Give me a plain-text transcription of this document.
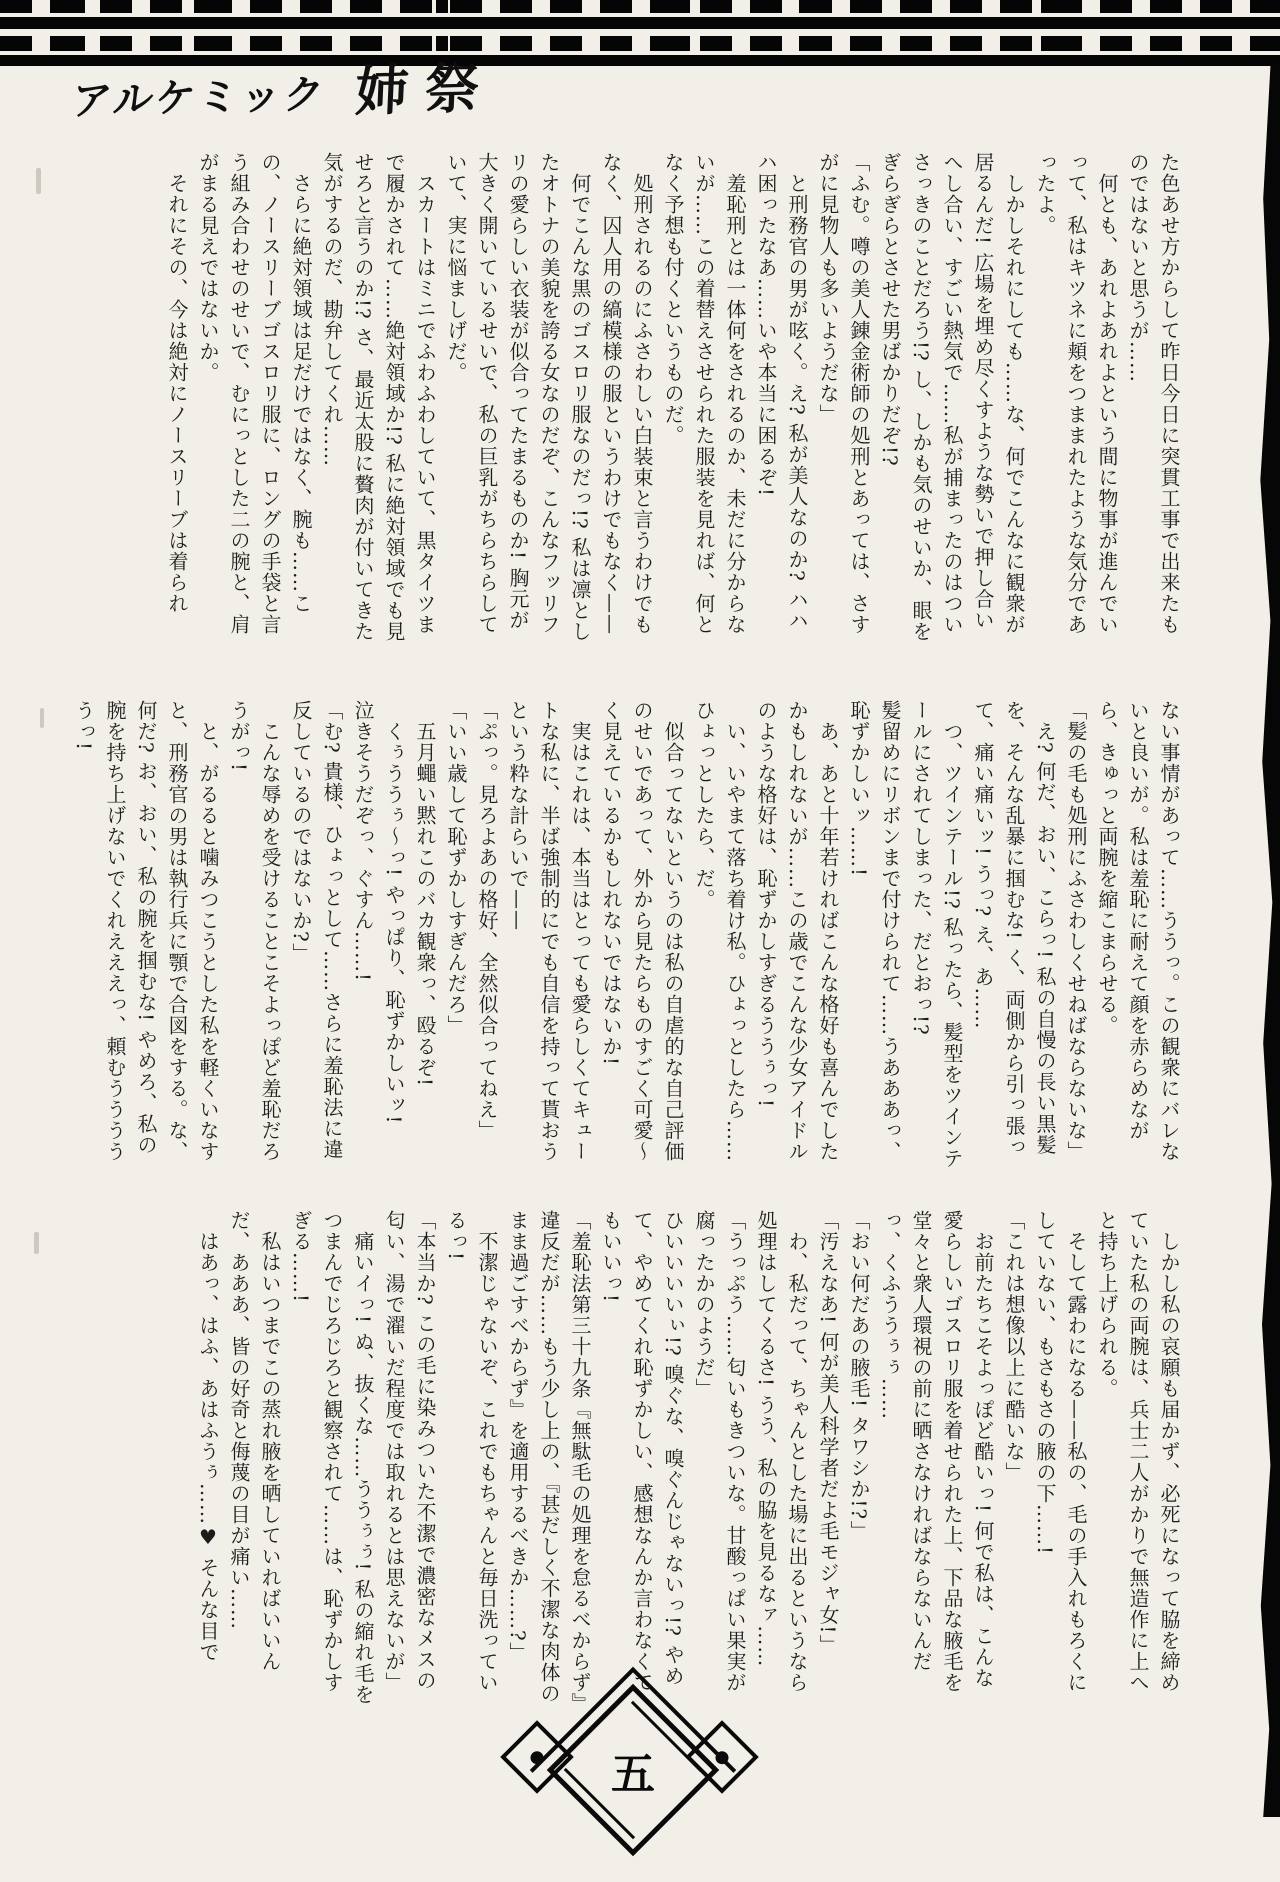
アルケミック 姉祭

た色あせ方からして昨日今日に突貫工事で出来たものではないと思うが……

何とも、あれよあれよという間に物事が進んでいって、私はキツネに頬をつままれたような気分であったよ。

しかしそれにしても……な、何でこんなに観衆が居るんだ! 広場を埋め尽くすような勢いで押し合いへし合い、すごい熱気で……私が捕まったのはついさっきのことだろう!? し、しかも気のせいか、眼をぎらぎらとさせた男ばかりだぞ!?

「ふむ。噂の美人錬金術師の処刑とあっては、さすがに見物人も多いようだな」

と刑務官の男が呟く。え? 私が美人なのか? ハハハ困ったなあ……いや本当に困るぞ!

羞恥刑とは一体何をされるのか、未だに分からないが……この着替えさせられた服装を見れば、何となく予想も付くというものだ。

処刑されるのにふさわしい白装束と言うわけでもなく、囚人用の縞模様の服というわけでもなく——

何でこんな黒のゴスロリ服なのだっ!? 私は凛としたオトナの美貌を誇る女なのだぞ、こんなフッリフリの愛らしい衣装が似合ってたまるものか! 胸元が大きく開いているせいで、私の巨乳がちらちらしていて、実に悩ましげだ。

スカートはミニでふわふわしていて、黒タイツまで履かされて……絶対領域か!? 私に絶対領域でも見せろと言うのか!? さ、最近太股に贅肉が付いてきた気がするのだ、勘弁してくれ……

さらに絶対領域は足だけではなく、腕も……この、ノースリーブゴスロリ服に、ロングの手袋と言う組み合わせのせいで、むにっとした二の腕と、肩がまる見えではないか。

それにその、今は絶対にノースリーブは着られ

ない事情があって……ううっ。この観衆にバレないと良いが。私は羞恥に耐えて顔を赤らめながら、きゅっと両腕を縮こまらせる。

「髪の毛も処刑にふさわしくせねばならないな」

え? 何だ、おい、こらっ! 私の自慢の長い黒髪を、そんな乱暴に掴むな! く、両側から引っ張って、痛い痛いッ! うっ? え、あ……

つ、ツインテール!? 私ったら、髪型をツインテールにされてしまった、だとおっ!?

髪留めにリボンまで付けられて……うあああっ、恥ずかしいッ……!

あ、あと十年若ければこんな格好も喜んでしたかもしれないが……この歳でこんな少女アイドルのような格好は、恥ずかしすぎるううぅっ!

い、いやまて落ち着け私。ひょっとしたら……ひょっとしたら、だ。

似合ってないというのは私の自虐的な自己評価のせいであって、外から見たらものすごく可愛〜く見えているかもしれないではないか!

実はこれは、本当はとっても愛らしくてキュートな私に、半ば強制的にでも自信を持って貰おうという粋な計らいで——

「ぷっ。見ろよあの格好、全然似合ってねえ」

「いい歳して恥ずかしすぎんだろ」

五月蠅い黙れこのバカ観衆っ、殴るぞ!

くぅううぅ〜っ! やっぱり、恥ずかしいッ!

泣きそうだぞっ、ぐすん……!

「む? 貴様、ひょっとして……さらに羞恥法に違反しているのではないか?」

こんな辱めを受けることこそよっぽど羞恥だろうがっ!

と、がるると噛みつこうとした私を軽くいなすと、刑務官の男は執行兵に顎で合図をする。な、何だ? お、おい、私の腕を掴むな! やめろ、私の腕を持ち上げないでくれえええっ、頼むうううううっ!

しかし私の哀願も届かず、必死になって脇を締めていた私の両腕は、兵士二人がかりで無造作に上へと持ち上げられる。

そして露わになる——私の、毛の手入れもろくにしていない、もさもさの腋の下……!

「これは想像以上に酷いな」

お前たちこそよっぽど酷いっ! 何で私は、こんな愛らしいゴスロリ服を着せられた上、下品な腋毛を堂々と衆人環視の前に晒さなければならないんだっ、くふううぅぅ……

「おい何だあの腋毛! タワシか!?」

「汚えなあ! 何が美人科学者だよ毛モジャ女!」

わ、私だって、ちゃんとした場に出るというなら処理はしてくるさ! うう、私の脇を見るなァ……

「うっぷう……匂いもきついな。甘酸っぱい果実が腐ったかのようだ」

ひいいいいぃ!? 嗅ぐな、嗅ぐんじゃないっ!? やめて、やめてくれ恥ずかしい、感想なんか言わなくてもいいっ!

「羞恥法第三十九条『無駄毛の処理を怠るべからず』違反だが……もう少し上の、『甚だしく不潔な肉体のまま過ごすべからず』を適用するべきか……?」

不潔じゃないぞ、これでもちゃんと毎日洗っているっ!

「本当か? この毛に染みついた不潔で濃密なメスの匂い、湯で濯いだ程度では取れるとは思えないが」

痛いイっ! ぬ、抜くな……ううぅぅ! 私の縮れ毛をつまんでじろじろと観察されて……は、恥ずかしすぎる……!

私はいつまでこの蒸れ腋を晒していればいいんだ、あああ、皆の好奇と侮蔑の目が痛い……

はあっ、はふ、あはふうぅ……♥ そんな目で

五
